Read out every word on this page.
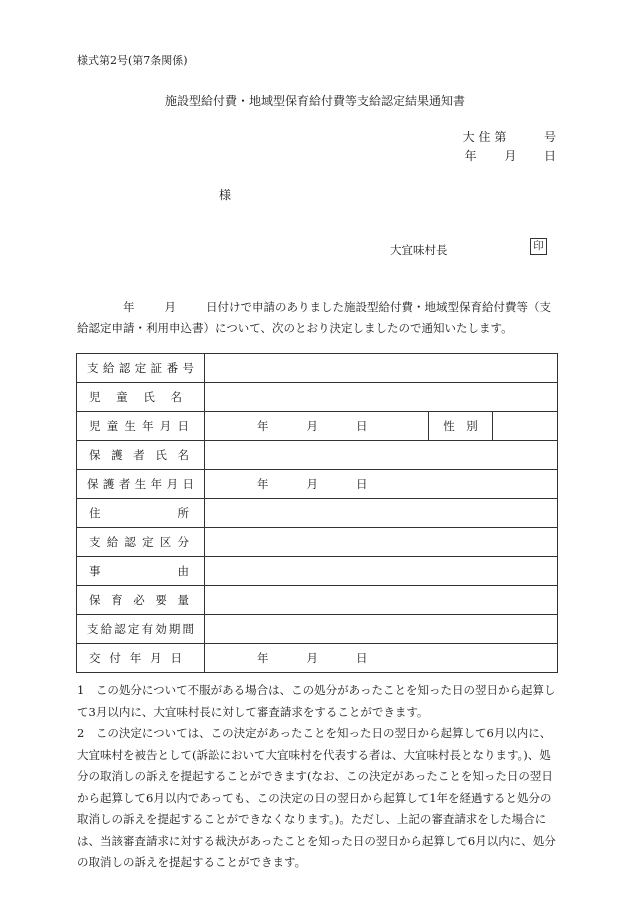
様式第2号(第7条関係)
施設型給付費・地域型保育給付費等支給認定結果通知書
大 住 第	号
年 月 日
様
大宜味村長	印
年	月	日付けで申請のありました施設型給付費・地域型保育給付費等（支給認定申請・利用申込書）について、次のとおり決定しましたので通知いたします。
支給認定証番号			
児童氏名			
児童生年月日	年 月 日	性　別	
保護者氏名			
保護者生年月日	年 月 日		

住所			
支給認定区分			
事由			
保育必要量			
支給認定有効期間			
交付年月日	年 月 日		

1　この処分について不服がある場合は、この処分があったことを知った日の翌日から起算して3月以内に、大宜味村長に対して審査請求をすることができます。

2　この決定については、この決定があったことを知った日の翌日から起算して6月以内に、大宜味村を被告として(訴訟において大宜味村を代表する者は、大宜味村長となります。)、処分の取消しの訴えを提起することができます(なお、この決定があったことを知った日の翌日から起算して6月以内であっても、この決定の日の翌日から起算して1年を経過すると処分の取消しの訴えを提起することができなくなります。)。ただし、上記の審査請求をした場合には、当該審査請求に対する裁決があったことを知った日の翌日から起算して6月以内に、処分の取消しの訴えを提起することができます。
